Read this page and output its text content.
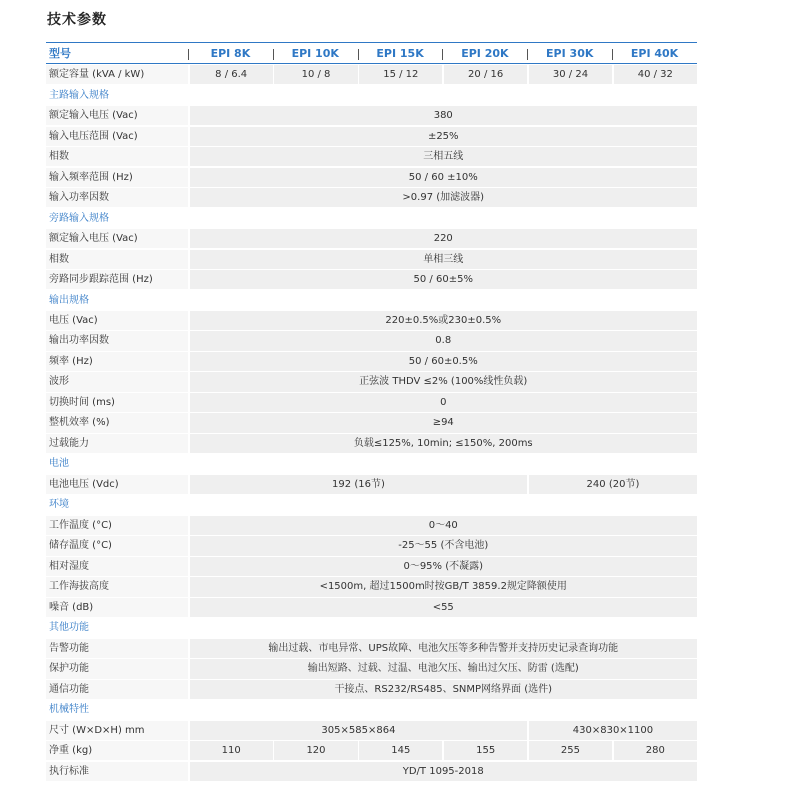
技术参数
型号	EPI 8K	EPI 10K	EPI 15K	EPI 20K	EPI 30K	EPI 40K
额定容量 (kVA / kW)	8 / 6.4	10 / 8	15 / 12	20 / 16	30 / 24	40 / 32
主路输入规格
额定输入电压 (Vac)	380
输入电压范围 (Vac)	±25%
相数	三相五线
输入频率范围 (Hz)	50 / 60 ±10%
输入功率因数	>0.97 (加滤波器)
旁路输入规格
额定输入电压 (Vac)	220
相数	单相三线
旁路同步跟踪范围 (Hz)	50 / 60±5%
输出规格
电压 (Vac)	220±0.5%或230±0.5%
输出功率因数	0.8
频率 (Hz)	50 / 60±0.5%
波形	正弦波 THDV ≤2% (100%线性负载)
切换时间 (ms)	0
整机效率 (%)	≥94
过载能力	负载≤125%, 10min; ≤150%, 200ms
电池
电池电压 (Vdc)	192 (16节)	240 (20节)
环境
工作温度 (°C)	0～40
储存温度 (°C)	-25～55 (不含电池)
相对湿度	0～95% (不凝露)
工作海拔高度	<1500m, 超过1500m时按GB/T 3859.2规定降额使用
噪音 (dB)	<55
其他功能
告警功能	输出过载、市电异常、UPS故障、电池欠压等多种告警并支持历史记录查询功能
保护功能	输出短路、过载、过温、电池欠压、输出过欠压、防雷 (选配)
通信功能	干接点、RS232/RS485、SNMP网络界面 (选件)
机械特性
尺寸 (W×D×H) mm	305×585×864	430×830×1100
净重 (kg)	110	120	145	155	255	280
执行标准	YD/T 1095-2018
